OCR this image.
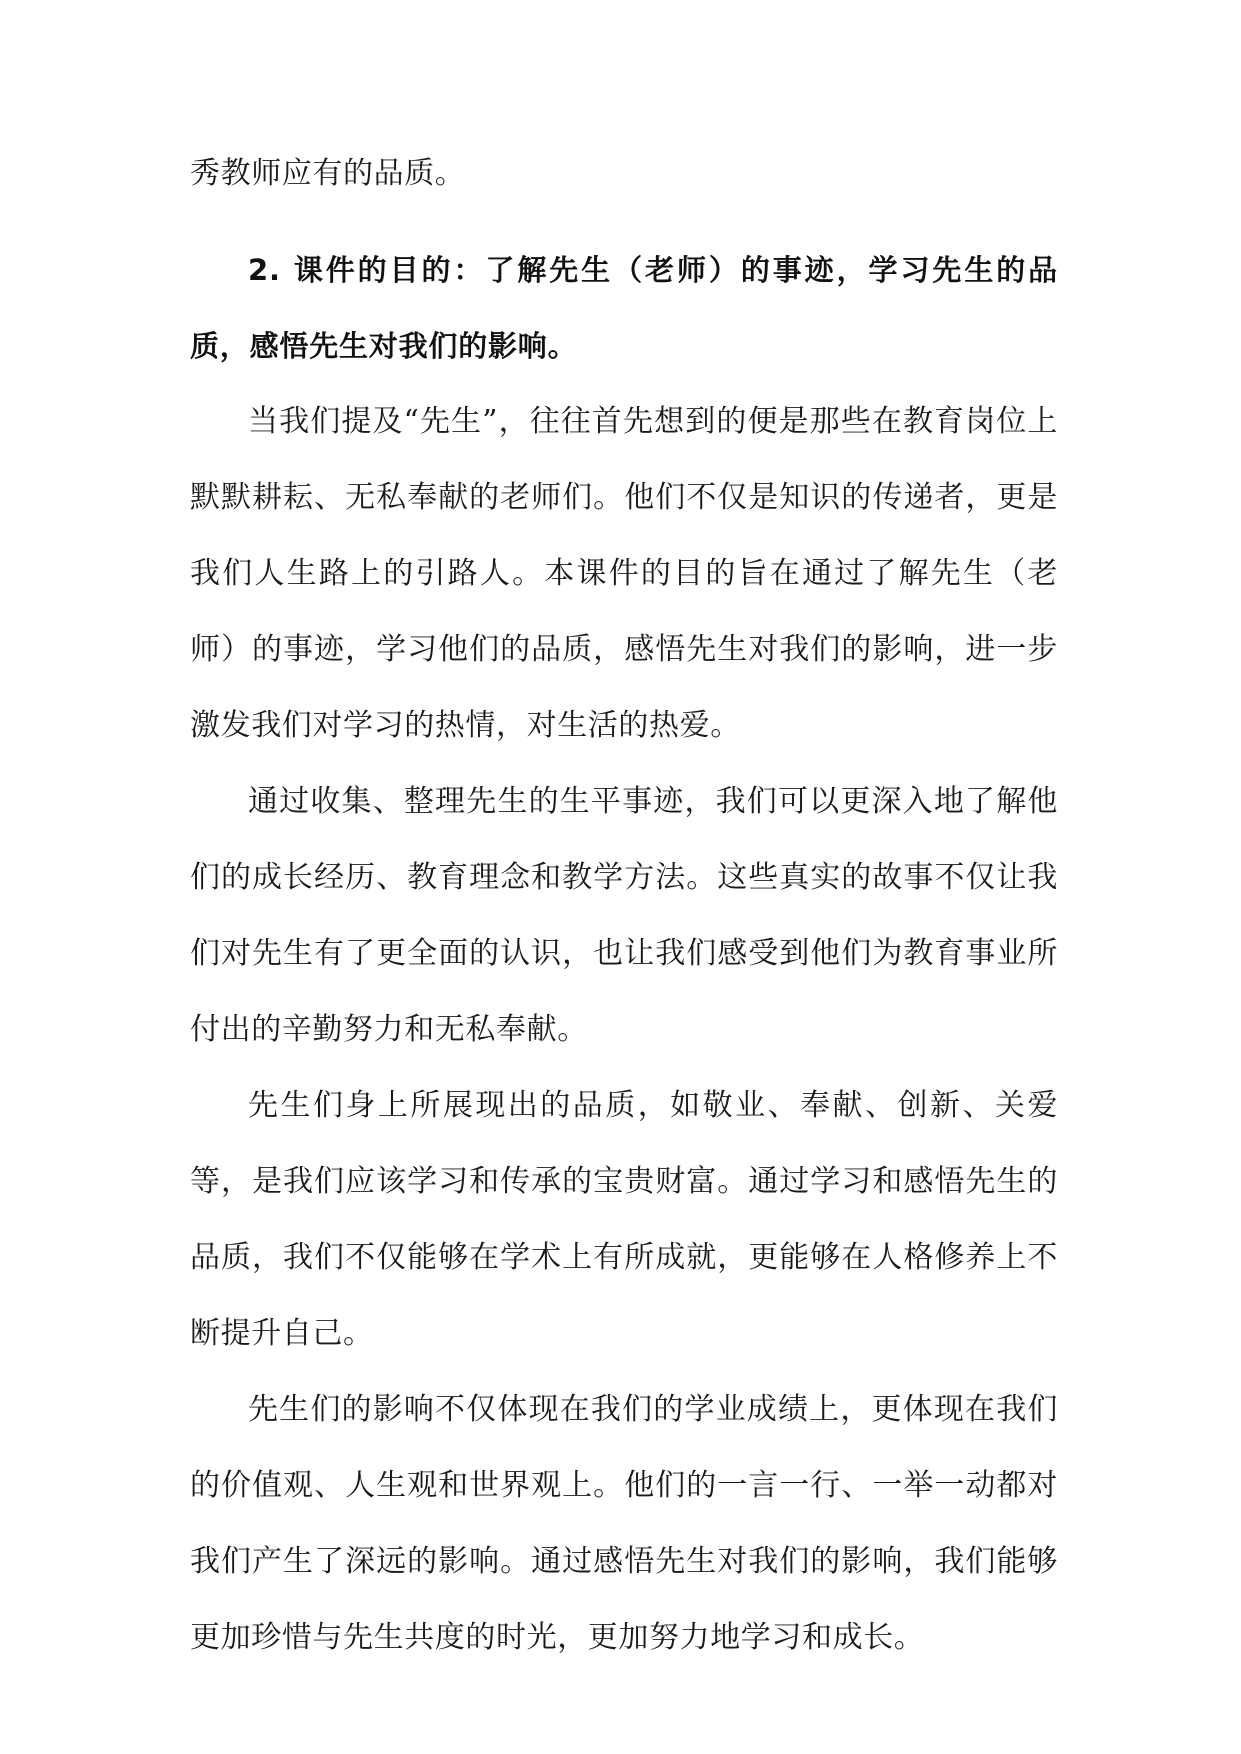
秀教师应有的品质。

2. 课件的目的：了解先生（老师）的事迹，学习先生的品质，感悟先生对我们的影响。

当我们提及“先生”，往往首先想到的便是那些在教育岗位上默默耕耘、无私奉献的老师们。他们不仅是知识的传递者，更是我们人生路上的引路人。本课件的目的旨在通过了解先生（老师）的事迹，学习他们的品质，感悟先生对我们的影响，进一步激发我们对学习的热情，对生活的热爱。

通过收集、整理先生的生平事迹，我们可以更深入地了解他们的成长经历、教育理念和教学方法。这些真实的故事不仅让我们对先生有了更全面的认识，也让我们感受到他们为教育事业所付出的辛勤努力和无私奉献。

先生们身上所展现出的品质，如敬业、奉献、创新、关爱等，是我们应该学习和传承的宝贵财富。通过学习和感悟先生的品质，我们不仅能够在学术上有所成就，更能够在人格修养上不断提升自己。

先生们的影响不仅体现在我们的学业成绩上，更体现在我们的价值观、人生观和世界观上。他们的一言一行、一举一动都对我们产生了深远的影响。通过感悟先生对我们的影响，我们能够更加珍惜与先生共度的时光，更加努力地学习和成长。
